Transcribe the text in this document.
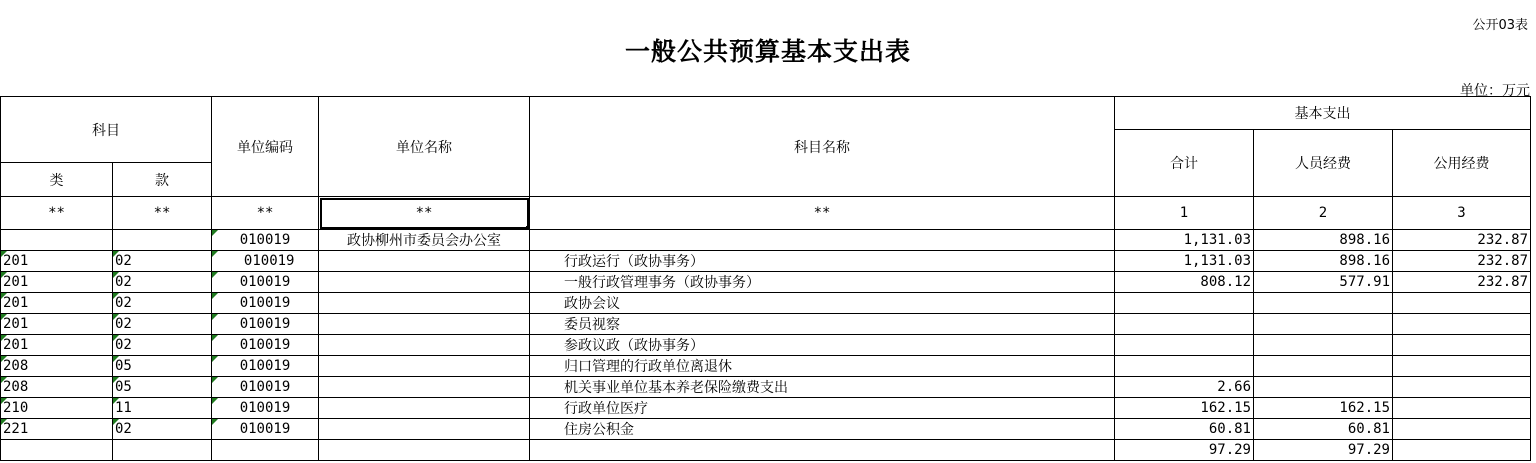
公开03表
一般公共预算基本支出表
单位：万元
科目		单位编码	单位名称	科目名称	基本支出		
					合计	人员经费	公用经费
类	款						
**	**	**	**	**	1	2	3
		010019	政协柳州市委员会办公室		1,131.03	898.16	232.87
201	02	010019		行政运行（政协事务）	1,131.03	898.16	232.87
201	02	010019		一般行政管理事务（政协事务）	808.12	577.91	232.87
201	02	010019		政协会议			
201	02	010019		委员视察			
201	02	010019		参政议政（政协事务）			
208	05	010019		归口管理的行政单位离退休			
208	05	010019		机关事业单位基本养老保险缴费支出	2.66		
210	11	010019		行政单位医疗	162.15	162.15	
221	02	010019		住房公积金	60.81	60.81	
					97.29	97.29	
